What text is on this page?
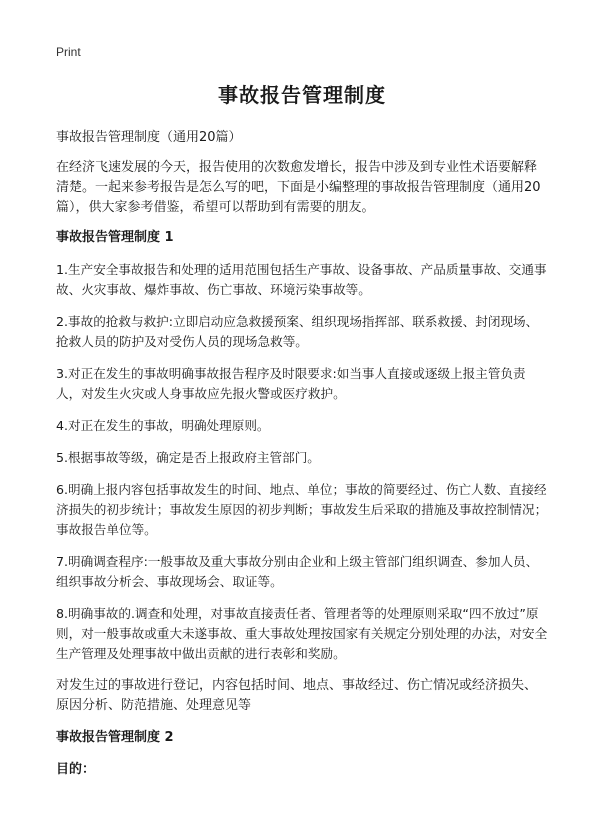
Print
事故报告管理制度
事故报告管理制度（通用20篇）

在经济飞速发展的今天，报告使用的次数愈发增长，报告中涉及到专业性术语要解释清楚。一起来参考报告是怎么写的吧，下面是小编整理的事故报告管理制度（通用20篇），供大家参考借鉴，希望可以帮助到有需要的朋友。

事故报告管理制度 1
1.生产安全事故报告和处理的适用范围包括生产事故、设备事故、产品质量事故、交通事故、火灾事故、爆炸事故、伤亡事故、环境污染事故等。
2.事故的抢救与救护:立即启动应急救援预案、组织现场指挥部、联系救援、封闭现场、抢救人员的防护及对受伤人员的现场急救等。
3.对正在发生的事故明确事故报告程序及时限要求:如当事人直接或逐级上报主管负责人，对发生火灾或人身事故应先报火警或医疗救护。
4.对正在发生的事故，明确处理原则。
5.根据事故等级，确定是否上报政府主管部门。
6.明确上报内容包括事故发生的时间、地点、单位；事故的简要经过、伤亡人数、直接经济损失的初步统计；事故发生原因的初步判断；事故发生后采取的措施及事故控制情况；事故报告单位等。
7.明确调查程序:一般事故及重大事故分别由企业和上级主管部门组织调查、参加人员、组织事故分析会、事故现场会、取证等。
8.明确事故的.调查和处理，对事故直接责任者、管理者等的处理原则采取“四不放过”原则，对一般事故或重大未遂事故、重大事故处理按国家有关规定分别处理的办法，对安全生产管理及处理事故中做出贡献的进行表彰和奖励。
对发生过的事故进行登记，内容包括时间、地点、事故经过、伤亡情况或经济损失、原因分析、防范措施、处理意见等
事故报告管理制度 2
目的：
